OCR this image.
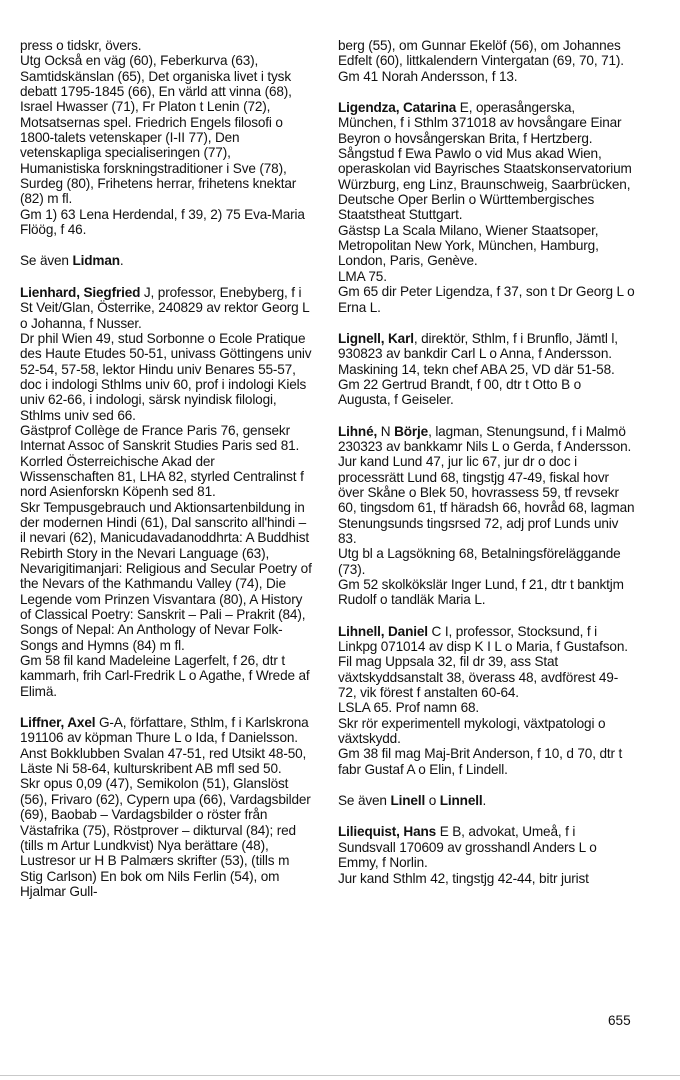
press o tidskr, övers.

Utg Också en väg (60), Feberkurva (63), Samtidskänslan (65), Det organiska livet i tysk debatt 1795-1845 (66), En värld att vinna (68), Israel Hwasser (71), Fr Platon t Lenin (72), Motsatsernas spel. Friedrich Engels filosofi o 1800-talets vetenskaper (I-II 77), Den vetenskapliga specialiseringen (77), Humanistiska forskningstraditioner i Sve (78), Surdeg (80), Frihetens herrar, frihetens knektar (82) m fl.

Gm 1) 63 Lena Herdendal, f 39, 2) 75 Eva-Maria Flöög, f 46.

Se även Lidman.

Lienhard, Siegfried J, professor, Enebyberg, f i St Veit/Glan, Österrike, 240829 av rektor Georg L o Johanna, f Nusser.

Dr phil Wien 49, stud Sorbonne o Ecole Pratique des Haute Etudes 50-51, univass Göttingens univ 52-54, 57-58, lektor Hindu univ Benares 55-57, doc i indologi Sthlms univ 60, prof i indologi Kiels univ 62-66, i indologi, särsk nyindisk filologi, Sthlms univ sed 66.

Gästprof Collège de France Paris 76, gensekr Internat Assoc of Sanskrit Studies Paris sed 81.

Korrled Österreichische Akad der Wissenschaften 81, LHA 82, styrled Centralinst f nord Asienforskn Köpenh sed 81.

Skr Tempusgebrauch und Aktionsartenbildung in der modernen Hindi (61), Dal sanscrito all'hindi – il nevari (62), Manicudavadanoddhrta: A Buddhist Rebirth Story in the Nevari Language (63), Nevarigitimanjari: Religious and Secular Poetry of the Nevars of the Kathmandu Valley (74), Die Legende vom Prinzen Visvantara (80), A History of Classical Poetry: Sanskrit – Pali – Prakrit (84), Songs of Nepal: An Anthology of Nevar Folk-Songs and Hymns (84) m fl.

Gm 58 fil kand Madeleine Lagerfelt, f 26, dtr t kammarh, frih Carl-Fredrik L o Agathe, f Wrede af Elimä.

Liffner, Axel G-A, författare, Sthlm, f i Karlskrona 191106 av köpman Thure L o Ida, f Danielsson.

Anst Bokklubben Svalan 47-51, red Utsikt 48-50, Läste Ni 58-64, kulturskribent AB mfl sed 50.

Skr opus 0,09 (47), Semikolon (51), Glanslöst (56), Frivaro (62), Cypern upa (66), Vardagsbilder (69), Baobab – Vardagsbilder o röster från Västafrika (75), Röstprover – dikturval (84); red (tills m Artur Lundkvist) Nya berättare (48), Lustresor ur H B Palmærs skrifter (53), (tills m Stig Carlson) En bok om Nils Ferlin (54), om Hjalmar Gull-

berg (55), om Gunnar Ekelöf (56), om Johannes Edfelt (60), littkalendern Vintergatan (69, 70, 71).

Gm 41 Norah Andersson, f 13.

Ligendza, Catarina E, operasångerska, München, f i Sthlm 371018 av hovsångare Einar Beyron o hovsångerskan Brita, f Hertzberg.

Sångstud f Ewa Pawlo o vid Mus akad Wien, operaskolan vid Bayrisches Staatskonservatorium Würzburg, eng Linz, Braunschweig, Saarbrücken, Deutsche Oper Berlin o Württembergisches Staatstheat Stuttgart.

Gästsp La Scala Milano, Wiener Staatsoper, Metropolitan New York, München, Hamburg, London, Paris, Genève.

LMA 75.

Gm 65 dir Peter Ligendza, f 37, son t Dr Georg L o Erna L.

Lignell, Karl, direktör, Sthlm, f i Brunflo, Jämtl l, 930823 av bankdir Carl L o Anna, f Andersson.

Maskining 14, tekn chef ABA 25, VD där 51-58.

Gm 22 Gertrud Brandt, f 00, dtr t Otto B o Augusta, f Geiseler.

Lihné, N Börje, lagman, Stenungsund, f i Malmö 230323 av bankkamr Nils L o Gerda, f Andersson.

Jur kand Lund 47, jur lic 67, jur dr o doc i processrätt Lund 68, tingstjg 47-49, fiskal hovr över Skåne o Blek 50, hovrassess 59, tf revsekr 60, tingsdom 61, tf häradsh 66, hovråd 68, lagman Stenungsunds tingsrsed 72, adj prof Lunds univ 83.

Utg bl a Lagsökning 68, Betalningsföreläggande (73).

Gm 52 skolkökslär Inger Lund, f 21, dtr t banktjm Rudolf o tandläk Maria L.

Lihnell, Daniel C I, professor, Stocksund, f i Linkpg 071014 av disp K I L o Maria, f Gustafson.

Fil mag Uppsala 32, fil dr 39, ass Stat växtskyddsanstalt 38, överass 48, avdförest 49-72, vik förest f anstalten 60-64.

LSLA 65. Prof namn 68.

Skr rör experimentell mykologi, växtpatologi o växtskydd.

Gm 38 fil mag Maj-Brit Anderson, f 10, d 70, dtr t fabr Gustaf A o Elin, f Lindell.

Se även Linell o Linnell.

Liliequist, Hans E B, advokat, Umeå, f i Sundsvall 170609 av grosshandl Anders L o Emmy, f Norlin.

Jur kand Sthlm 42, tingstjg 42-44, bitr jurist

655
